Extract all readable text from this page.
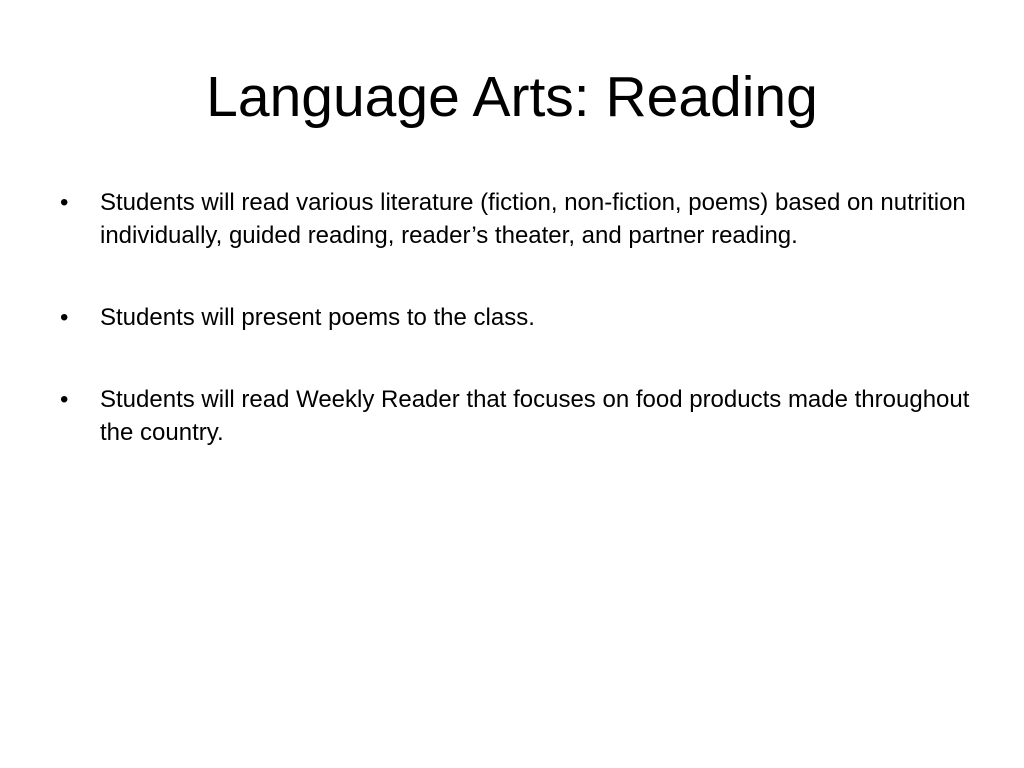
Language Arts: Reading
•	Students will read various literature (fiction, non-fiction, poems) based on nutrition individually, guided reading, reader’s theater, and partner reading.
•	Students will present poems to the class.
•	Students will read Weekly Reader that focuses on food products made throughout the country.
